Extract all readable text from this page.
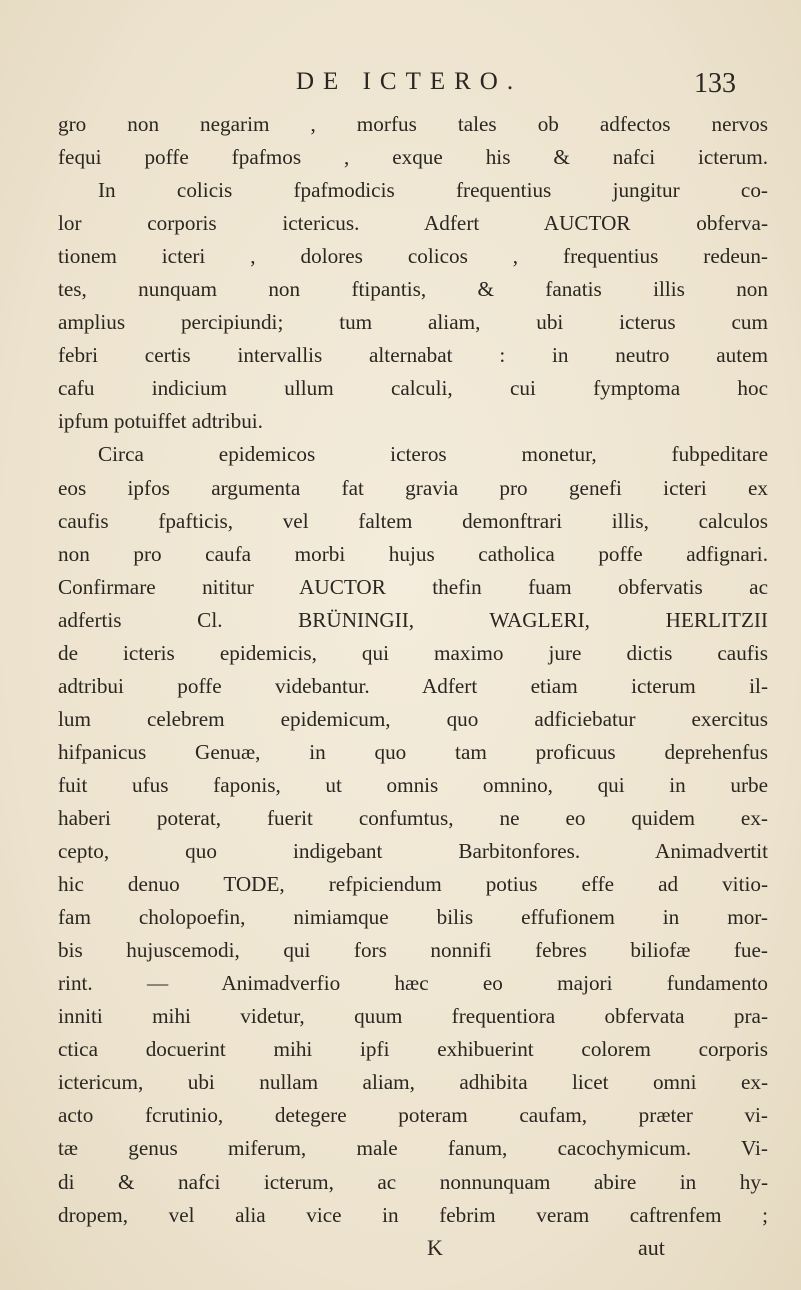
DE ICTERO.	133
gro non negarim , morfus tales ob adfectos nervos
fequi poffe fpafmos , exque his & nafci icterum.
In colicis fpafmodicis frequentius jungitur co-
lor corporis ictericus. Adfert AUCTOR obferva-
tionem icteri , dolores colicos , frequentius redeun-
tes, nunquam non ftipantis, & fanatis illis non
amplius percipiundi; tum aliam, ubi icterus cum
febri certis intervallis alternabat : in neutro autem
cafu indicium ullum calculi, cui fymptoma hoc
ipfum potuiffet adtribui.
Circa epidemicos icteros monetur, fubpeditare
eos ipfos argumenta fat gravia pro genefi icteri ex
caufis fpafticis, vel faltem demonftrari illis, calculos
non pro caufa morbi hujus catholica poffe adfignari.
Confirmare nititur AUCTOR thefin fuam obfervatis ac
adfertis Cl. BRÜNINGII, WAGLERI, HERLITZII
de icteris epidemicis, qui maximo jure dictis caufis
adtribui poffe videbantur. Adfert etiam icterum il-
lum celebrem epidemicum, quo adficiebatur exercitus
hifpanicus Genuæ, in quo tam proficuus deprehenfus
fuit ufus faponis, ut omnis omnino, qui in urbe
haberi poterat, fuerit confumtus, ne eo quidem ex-
cepto, quo indigebant Barbitonfores. Animadvertit
hic denuo TODE, refpiciendum potius effe ad vitio-
fam cholopoefin, nimiamque bilis effufionem in mor-
bis hujuscemodi, qui fors nonnifi febres biliofæ fue-
rint. — Animadverfio hæc eo majori fundamento
inniti mihi videtur, quum frequentiora obfervata pra-
ctica docuerint mihi ipfi exhibuerint colorem corporis
ictericum, ubi nullam aliam, adhibita licet omni ex-
acto fcrutinio, detegere poteram caufam, præter vi-
tæ genus miferum, male fanum, cacochymicum. Vi-
di & nafci icterum, ac nonnunquam abire in hy-
dropem, vel alia vice in febrim veram caftrenfem ;
K	aut
